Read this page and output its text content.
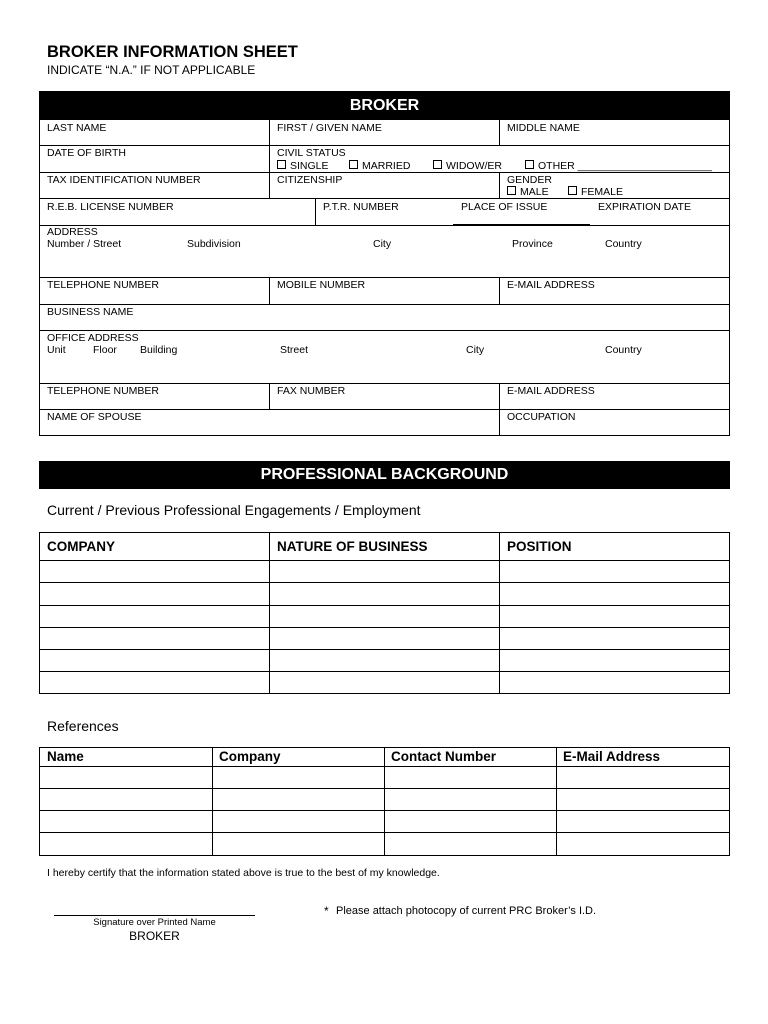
BROKER INFORMATION SHEET
INDICATE “N.A.” IF NOT APPLICABLE
BROKER
LAST NAME	FIRST / GIVEN NAME	MIDDLE NAME
DATE OF BIRTH	CIVIL STATUS
SINGLE	MARRIED	WIDOW/ER	OTHER _______________________
TAX IDENTIFICATION NUMBER	CITIZENSHIP	GENDER
MALE	FEMALE
R.E.B. LICENSE NUMBER	P.T.R. NUMBER	PLACE OF ISSUE	EXPIRATION DATE
ADDRESS
Number / Street	Subdivision	City	Province	Country
TELEPHONE NUMBER	MOBILE NUMBER	E-MAIL ADDRESS
BUSINESS NAME
OFFICE ADDRESS
Unit	Floor Building	Street	City	Country
TELEPHONE NUMBER	FAX NUMBER	E-MAIL ADDRESS
NAME OF SPOUSE	OCCUPATION
PROFESSIONAL BACKGROUND
Current / Previous Professional Engagements / Employment
COMPANY	NATURE OF BUSINESS	POSITION
References
Name	Company	Contact Number	E-Mail Address
I hereby certify that the information stated above is true to the best of my knowledge.
Signature over Printed Name
BROKER
* Please attach photocopy of current PRC Broker’s I.D.
